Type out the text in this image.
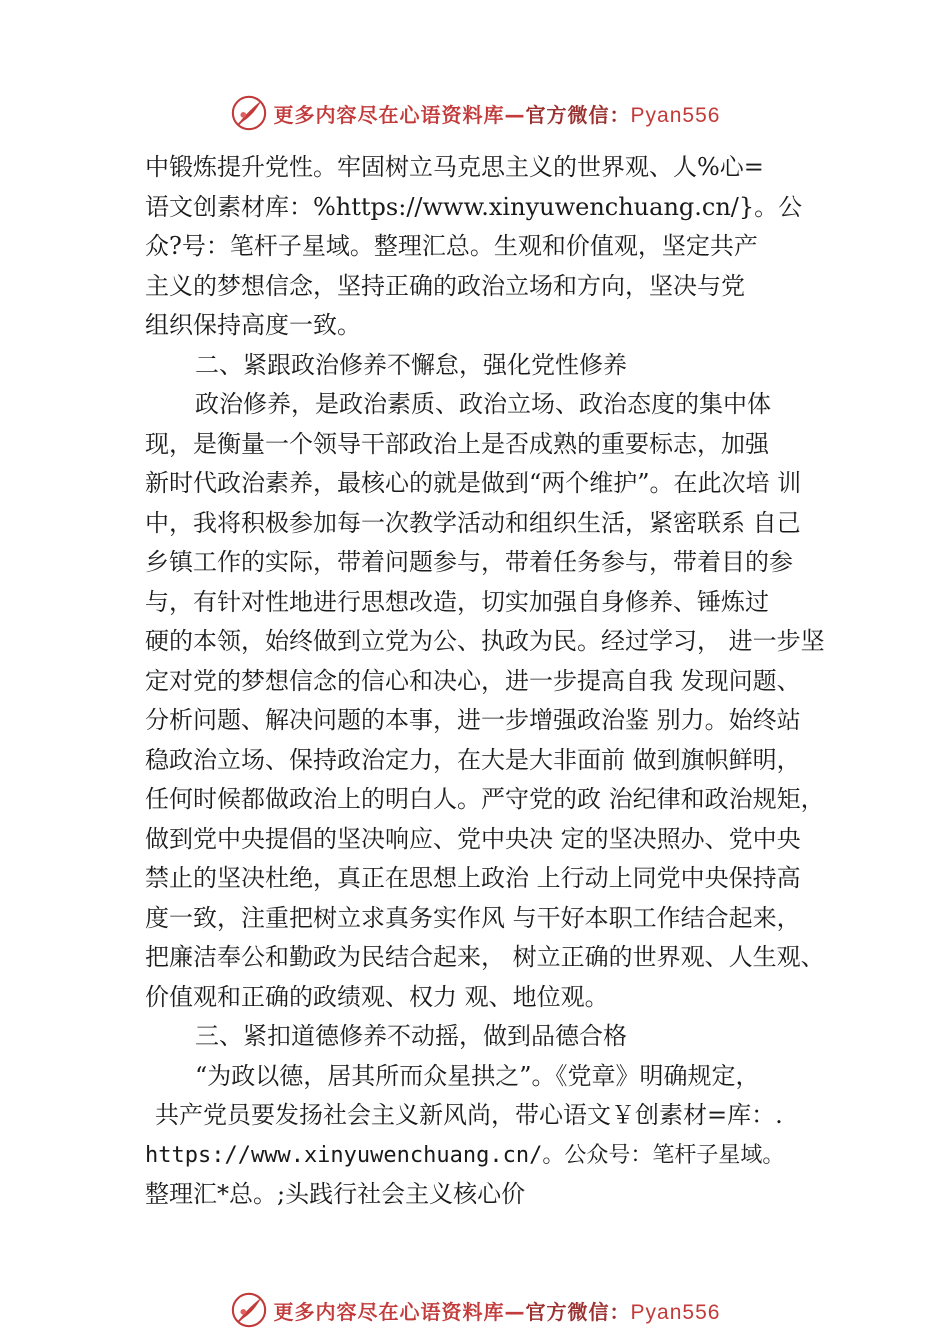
更多内容尽在心语资料库—官方微信：Pyan556
中锻炼提升党性。牢固树立马克思主义的世界观、人%心=
语文创素材库：%https://www.xinyuwenchuang.cn/}。公
众?号：笔杆子星域。整理汇总。生观和价值观，坚定共产
主义的梦想信念，坚持正确的政治立场和方向，坚决与党
组织保持高度一致。
二、紧跟政治修养不懈怠，强化党性修养
政治修养，是政治素质、政治立场、政治态度的集中体
现，是衡量一个领导干部政治上是否成熟的重要标志，加强
新时代政治素养，最核心的就是做到“两个维护”。在此次培 训
中，我将积极参加每一次教学活动和组织生活，紧密联系 自己
乡镇工作的实际，带着问题参与，带着任务参与，带着目的参
与，有针对性地进行思想改造，切实加强自身修养、锤炼过
硬的本领，始终做到立党为公、执政为民。经过学习， 进一步坚
定对党的梦想信念的信心和决心，进一步提高自我 发现问题、
分析问题、解决问题的本事，进一步增强政治鉴 别力。始终站
稳政治立场、保持政治定力，在大是大非面前 做到旗帜鲜明，
任何时候都做政治上的明白人。严守党的政 治纪律和政治规矩，
做到党中央提倡的坚决响应、党中央决 定的坚决照办、党中央
禁止的坚决杜绝，真正在思想上政治 上行动上同党中央保持高
度一致，注重把树立求真务实作风 与干好本职工作结合起来，
把廉洁奉公和勤政为民结合起来， 树立正确的世界观、人生观、
价值观和正确的政绩观、权力 观、地位观。
三、紧扣道德修养不动摇，做到品德合格
“为政以德，居其所而众星拱之”。《党章》明确规定，
共产党员要发扬社会主义新风尚，带心语文￥创素材=库：.
https://www.xinyuwenchuang.cn/。公众号：笔杆子星域。
整理汇*总。;头践行社会主义核心价
更多内容尽在心语资料库—官方微信：Pyan556
